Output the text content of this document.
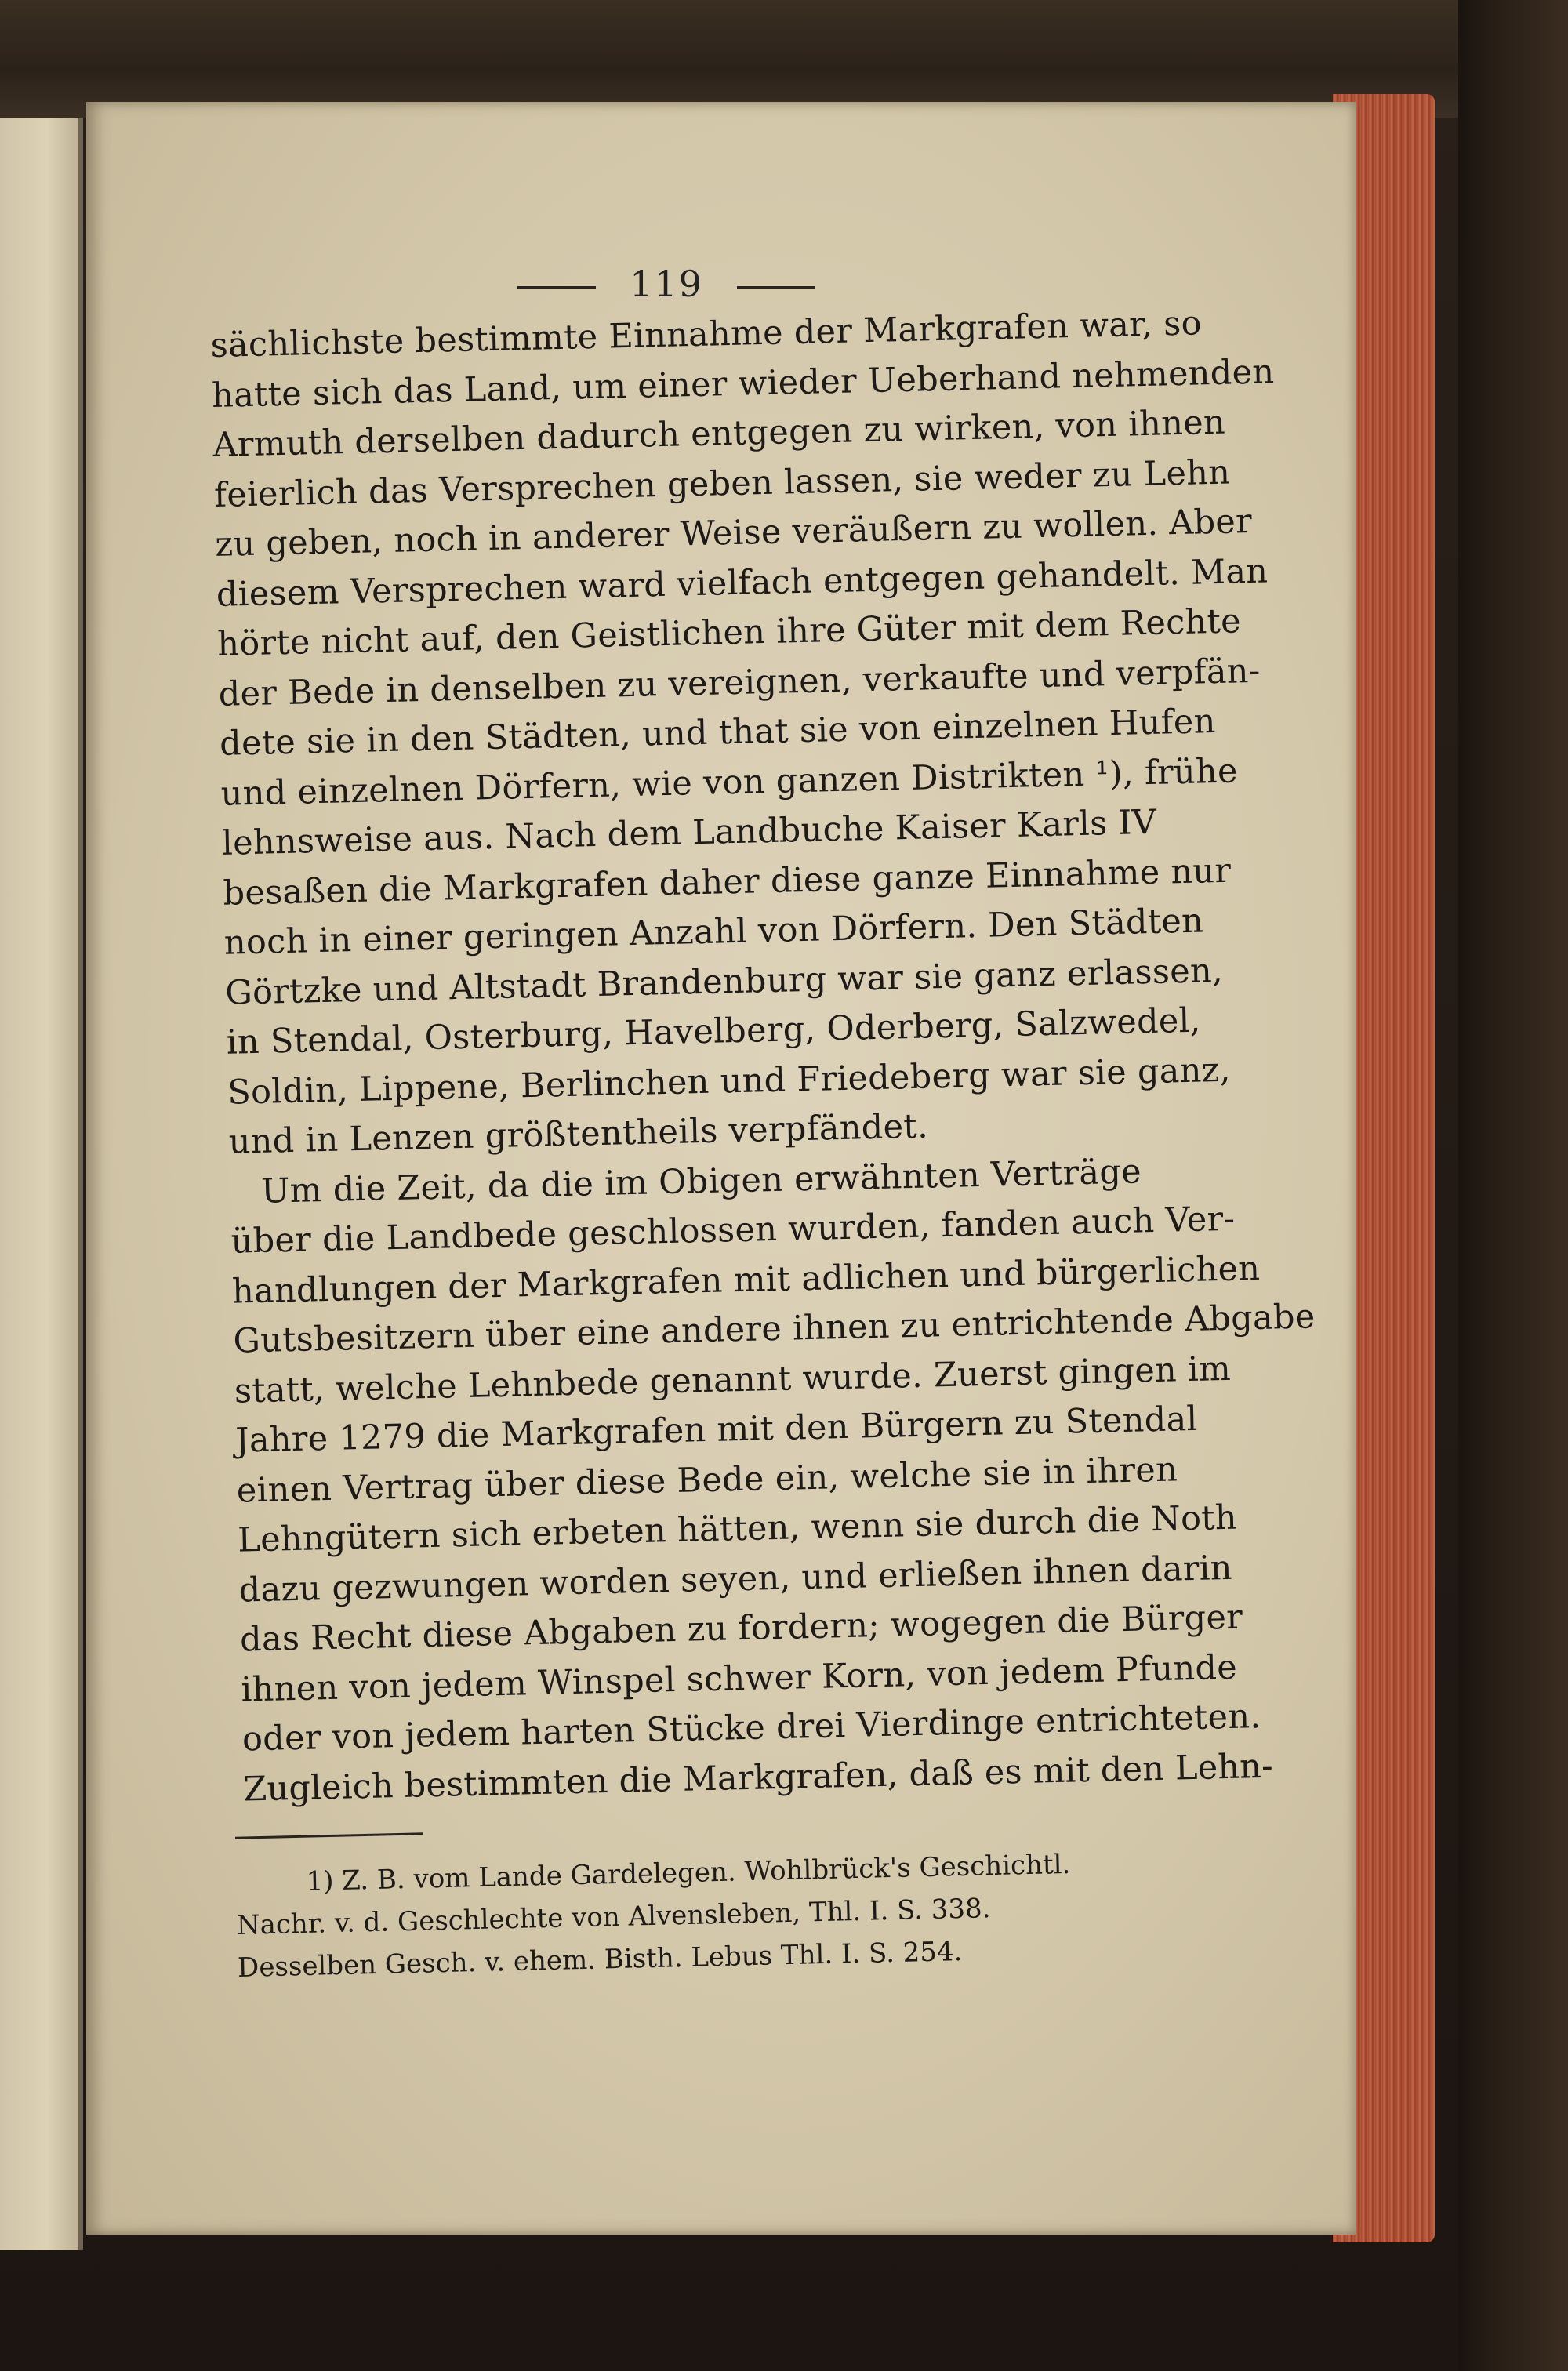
119
sächlichste bestimmte Einnahme der Markgrafen war, so
hatte sich das Land, um einer wieder Ueberhand nehmenden
Armuth derselben dadurch entgegen zu wirken, von ihnen
feierlich das Versprechen geben lassen, sie weder zu Lehn
zu geben, noch in anderer Weise veräußern zu wollen. Aber
diesem Versprechen ward vielfach entgegen gehandelt. Man
hörte nicht auf, den Geistlichen ihre Güter mit dem Rechte
der Bede in denselben zu vereignen, verkaufte und verpfän-
dete sie in den Städten, und that sie von einzelnen Hufen
und einzelnen Dörfern, wie von ganzen Distrikten ¹), frühe
lehnsweise aus. Nach dem Landbuche Kaiser Karls IV
besaßen die Markgrafen daher diese ganze Einnahme nur
noch in einer geringen Anzahl von Dörfern. Den Städten
Görtzke und Altstadt Brandenburg war sie ganz erlassen,
in Stendal, Osterburg, Havelberg, Oderberg, Salzwedel,
Soldin, Lippene, Berlinchen und Friedeberg war sie ganz,
und in Lenzen größtentheils verpfändet.
Um die Zeit, da die im Obigen erwähnten Verträge
über die Landbede geschlossen wurden, fanden auch Ver-
handlungen der Markgrafen mit adlichen und bürgerlichen
Gutsbesitzern über eine andere ihnen zu entrichtende Abgabe
statt, welche Lehnbede genannt wurde. Zuerst gingen im
Jahre 1279 die Markgrafen mit den Bürgern zu Stendal
einen Vertrag über diese Bede ein, welche sie in ihren
Lehngütern sich erbeten hätten, wenn sie durch die Noth
dazu gezwungen worden seyen, und erließen ihnen darin
das Recht diese Abgaben zu fordern; wogegen die Bürger
ihnen von jedem Winspel schwer Korn, von jedem Pfunde
oder von jedem harten Stücke drei Vierdinge entrichteten.
Zugleich bestimmten die Markgrafen, daß es mit den Lehn-
1) Z. B. vom Lande Gardelegen. Wohlbrück's Geschichtl.
Nachr. v. d. Geschlechte von Alvensleben, Thl. I. S. 338.
Desselben Gesch. v. ehem. Bisth. Lebus Thl. I. S. 254.
